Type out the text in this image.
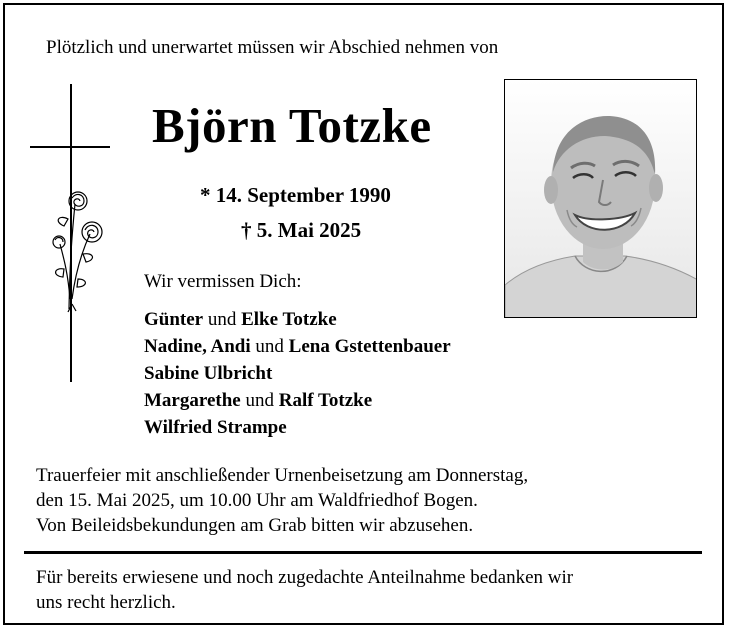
Plötzlich und unerwartet müssen wir Abschied nehmen von
Björn Totzke
* 14. September 1990
† 5. Mai 2025
Wir vermissen Dich:
Günter und Elke Totzke
Nadine, Andi und Lena Gstettenbauer
Sabine Ulbricht
Margarethe und Ralf Totzke
Wilfried Strampe
Trauerfeier mit anschließender Urnenbeisetzung am Donnerstag,
den 15. Mai 2025, um 10.00 Uhr am Waldfriedhof Bogen.
Von Beileidsbekundungen am Grab bitten wir abzusehen.
Für bereits erwiesene und noch zugedachte Anteilnahme bedanken wir
uns recht herzlich.
